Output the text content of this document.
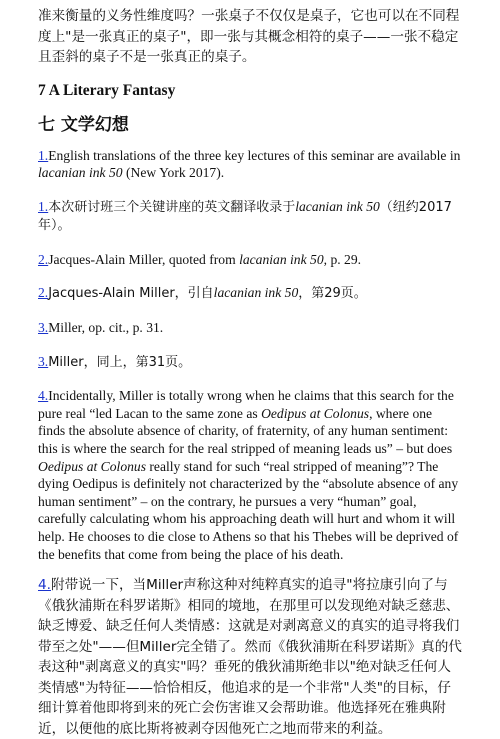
准来衡量的义务性维度吗？一张桌子不仅仅是桌子，它也可以在不同程度上"是一张真正的桌子"，即一张与其概念相符的桌子——一张不稳定且歪斜的桌子不是一张真正的桌子。

7 A Literary Fantasy
七 文学幻想

1.English translations of the three key lectures of this seminar are available in lacanian ink 50 (New York 2017).

1.本次研讨班三个关键讲座的英文翻译收录于lacanian ink 50（纽约2017年）。

2.Jacques-Alain Miller, quoted from lacanian ink 50, p. 29.

2.Jacques-Alain Miller，引自lacanian ink 50，第29页。

3.Miller, op. cit., p. 31.

3.Miller，同上，第31页。

4.Incidentally, Miller is totally wrong when he claims that this search for the pure real “led Lacan to the same zone as Oedipus at Colonus, where one finds the absolute absence of charity, of fraternity, of any human sentiment: this is where the search for the real stripped of meaning leads us” – but does Oedipus at Colonus really stand for such “real stripped of meaning”? The dying Oedipus is definitely not characterized by the “absolute absence of any human sentiment” – on the contrary, he pursues a very “human” goal, carefully calculating whom his approaching death will hurt and whom it will help. He chooses to die close to Athens so that his Thebes will be deprived of the benefits that come from being the place of his death.

4.附带说一下，当Miller声称这种对纯粹真实的追寻"将拉康引向了与《俄狄浦斯在科罗诺斯》相同的境地，在那里可以发现绝对缺乏慈悲、缺乏博爱、缺乏任何人类情感：这就是对剥离意义的真实的追寻将我们带至之处"——但Miller完全错了。然而《俄狄浦斯在科罗诺斯》真的代表这种"剥离意义的真实"吗？垂死的俄狄浦斯绝非以"绝对缺乏任何人类情感"为特征——恰恰相反，他追求的是一个非常"人类"的目标，仔细计算着他即将到来的死亡会伤害谁又会帮助谁。他选择死在雅典附近，以便他的底比斯将被剥夺因他死亡之地而带来的利益。
